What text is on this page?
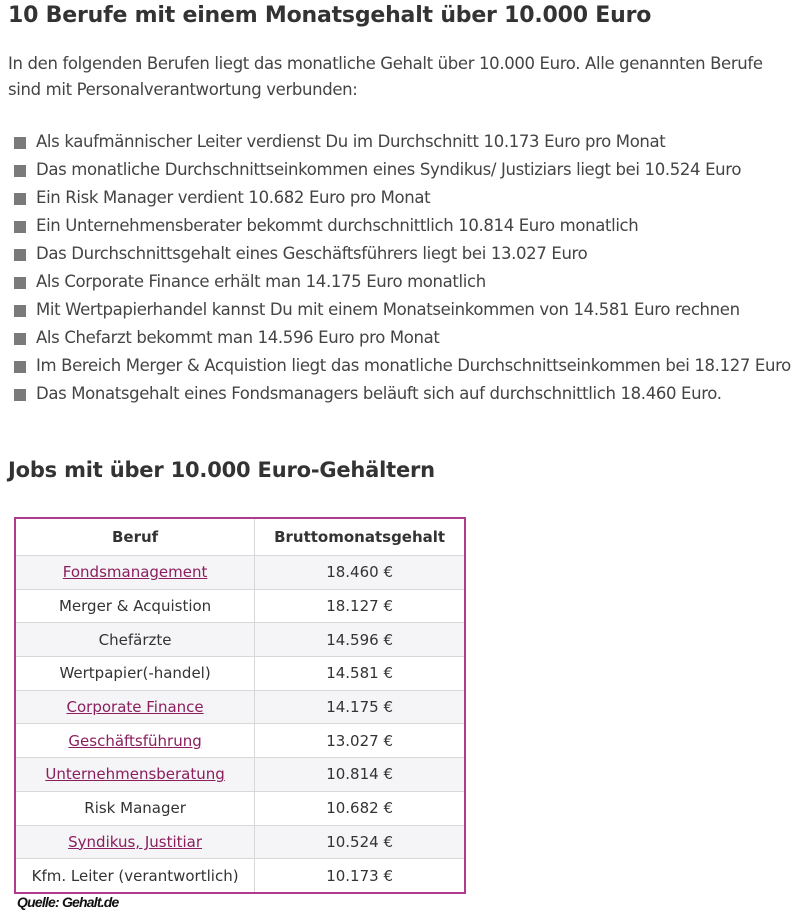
10 Berufe mit einem Monatsgehalt über 10.000 Euro

In den folgenden Berufen liegt das monatliche Gehalt über 10.000 Euro. Alle genannten Berufe sind mit Personalverantwortung verbunden:

Als kaufmännischer Leiter verdienst Du im Durchschnitt 10.173 Euro pro Monat
Das monatliche Durchschnittseinkommen eines Syndikus/ Justiziars liegt bei 10.524 Euro
Ein Risk Manager verdient 10.682 Euro pro Monat
Ein Unternehmensberater bekommt durchschnittlich 10.814 Euro monatlich
Das Durchschnittsgehalt eines Geschäftsführers liegt bei 13.027 Euro
Als Corporate Finance erhält man 14.175 Euro monatlich
Mit Wertpapierhandel kannst Du mit einem Monatseinkommen von 14.581 Euro rechnen
Als Chefarzt bekommt man 14.596 Euro pro Monat
Im Bereich Merger & Acquistion liegt das monatliche Durchschnittseinkommen bei 18.127 Euro
Das Monatsgehalt eines Fondsmanagers beläuft sich auf durchschnittlich 18.460 Euro.
Jobs mit über 10.000 Euro-Gehältern
Beruf	Bruttomonatsgehalt
Fondsmanagement	18.460 €
Merger & Acquistion	18.127 €
Chefärzte	14.596 €
Wertpapier(-handel)	14.581 €
Corporate Finance	14.175 €
Geschäftsführung	13.027 €
Unternehmensberatung	10.814 €
Risk Manager	10.682 €
Syndikus, Justitiar	10.524 €
Kfm. Leiter (verantwortlich)	10.173 €
Quelle: Gehalt.de
